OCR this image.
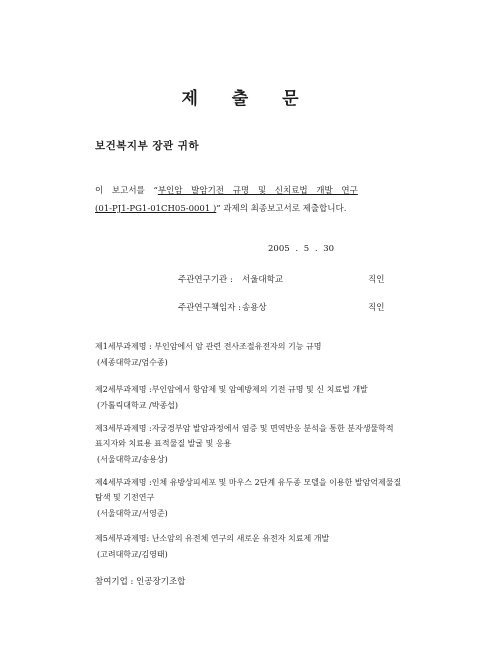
제 출 문
보건복지부 장관 귀하
이 보고서를 “부인암 발암기전 규명 및 신치료법 개발 연구
(01-PJ1-PG1-01CH05-0001 )” 과제의 최종보고서로 제출합니다.
2005 . 5 . 30
주관연구기관 : 서울대학교	직인
주관연구책임자 :송용상	직인
제1세부과제명 : 부인암에서 암 관련 전사조절유전자의 기능 규명
(세종대학교/엄수종)
제2세부과제명 :부인암에서 항암제 및 암예방제의 기전 규명 및 신 치료법 개발
(가톨릭대학교 /박종섭)
제3세부과제명 :자궁경부암 발암과정에서 염증 및 면역반응 분석을 통한 분자생물학적
표지자와 치료용 표적물질 발굴 및 응용
(서울대학교/송용상)
제4세부과제명 :인체 유방상피세포 및 마우스 2단계 유두종 모델을 이용한 발암억제물질
탐색 및 기전연구
(서울대학교/서영준)
제5세부과제명: 난소암의 유전체 연구의 새로운 유전자 치료제 개발
(고려대학교/김영태)
참여기업 : 인공장기조합
